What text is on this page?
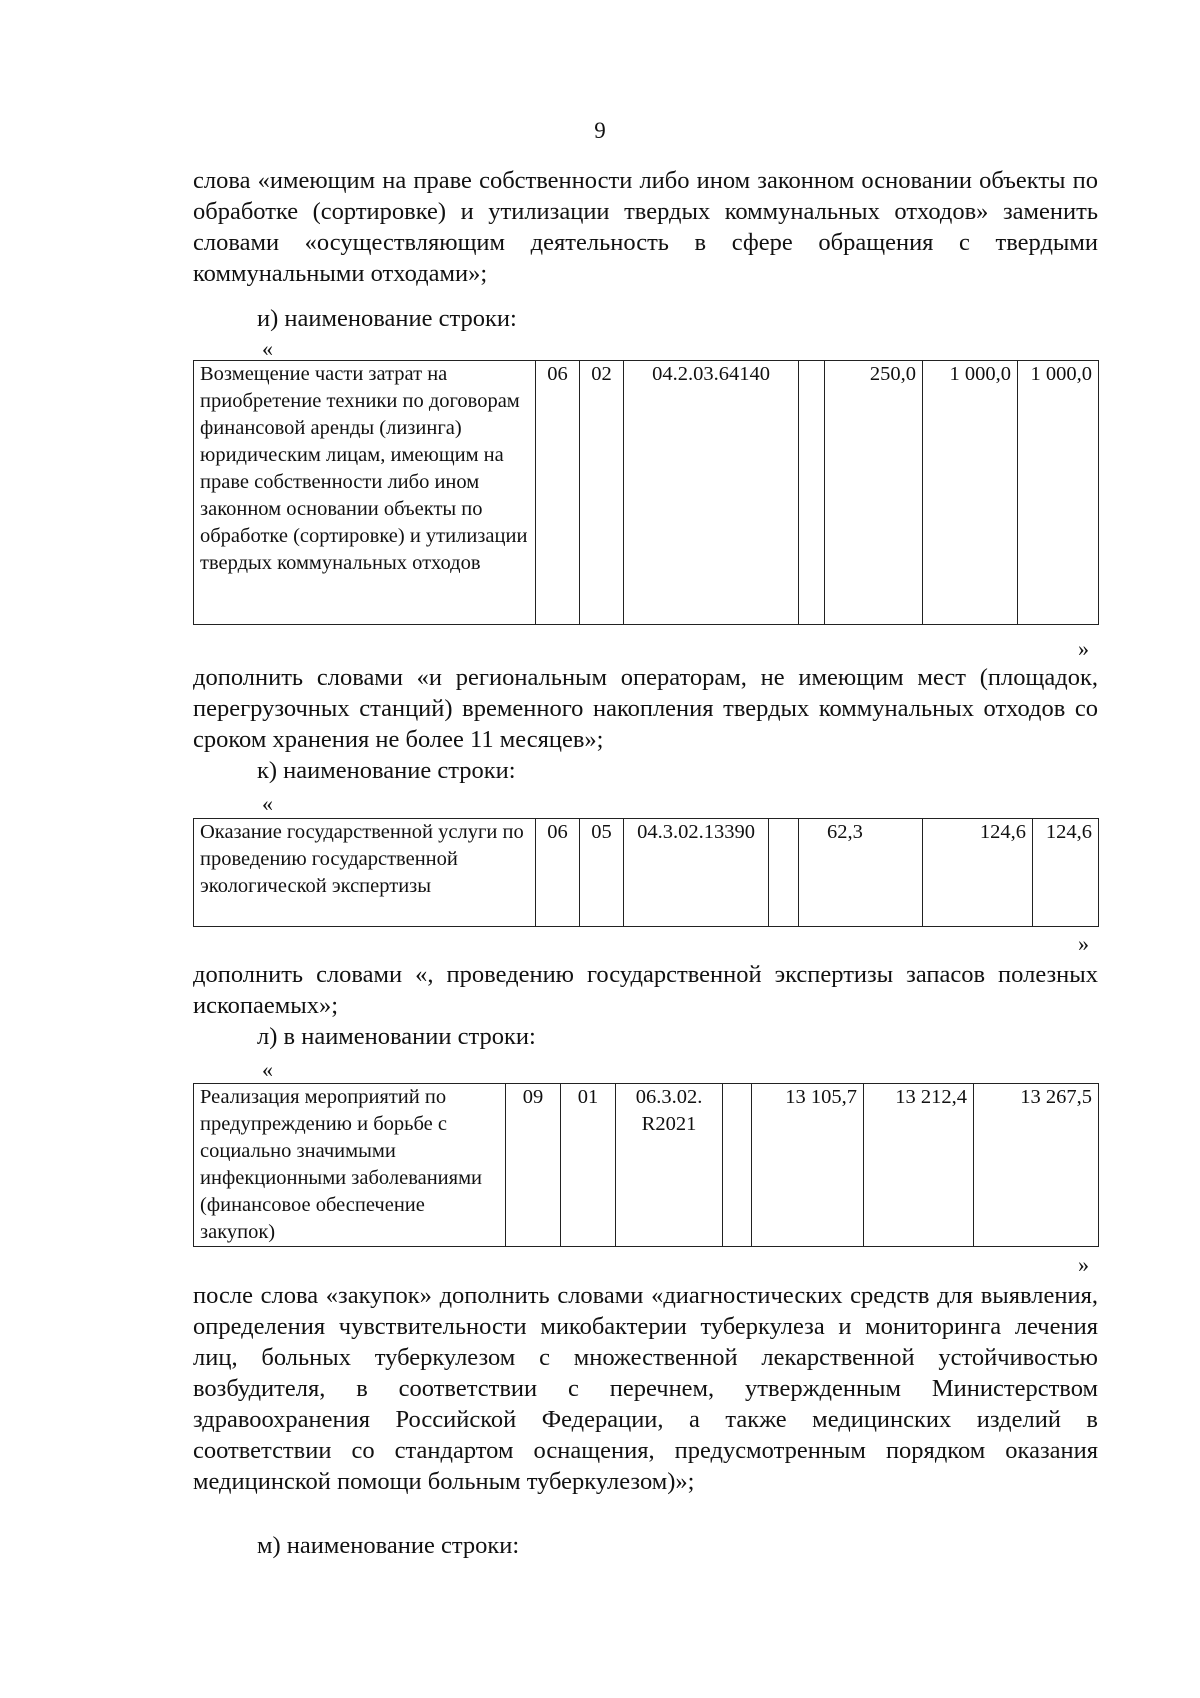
9

слова «имеющим на праве собственности либо ином законном основании объекты по обработке (сортировке) и утилизации твердых коммунальных отходов» заменить словами «осуществляющим деятельность в сфере обращения с твердыми коммунальными отходами»;

и) наименование строки:

«
Возмещение части затрат на приобретение техники по договорам финансовой аренды (лизинга) юридическим лицам, имеющим на праве собственности либо ином законном основании объекты по обработке (сортировке) и утилизации твердых коммунальных отходов	06	02	04.2.03.64140		250,0	1 000,0	1 000,0
»

дополнить словами «и региональным операторам, не имеющим мест (площадок, перегрузочных станций) временного накопления твердых коммунальных отходов со сроком хранения не более 11 месяцев»;

к) наименование строки:

«
Оказание государственной услуги по проведению государственной экологической экспертизы	06	05	04.3.02.13390		62,3	124,6	124,6
»

дополнить словами «, проведению государственной экспертизы запасов полезных ископаемых»;

л) в наименовании строки:

«
Реализация мероприятий по предупреждению и борьбе с социально значимыми инфекционными заболеваниями (финансовое обеспечение закупок)	09	01	06.3.02. R2021		13 105,7	13 212,4	13 267,5
»

после слова «закупок» дополнить словами «диагностических средств для выявления, определения чувствительности микобактерии туберкулеза и мониторинга лечения лиц, больных туберкулезом с множественной лекарственной устойчивостью возбудителя, в соответствии с перечнем, утвержденным Министерством здравоохранения Российской Федерации, а также медицинских изделий в соответствии со стандартом оснащения, предусмотренным порядком оказания медицинской помощи больным туберкулезом)»;

м) наименование строки:
